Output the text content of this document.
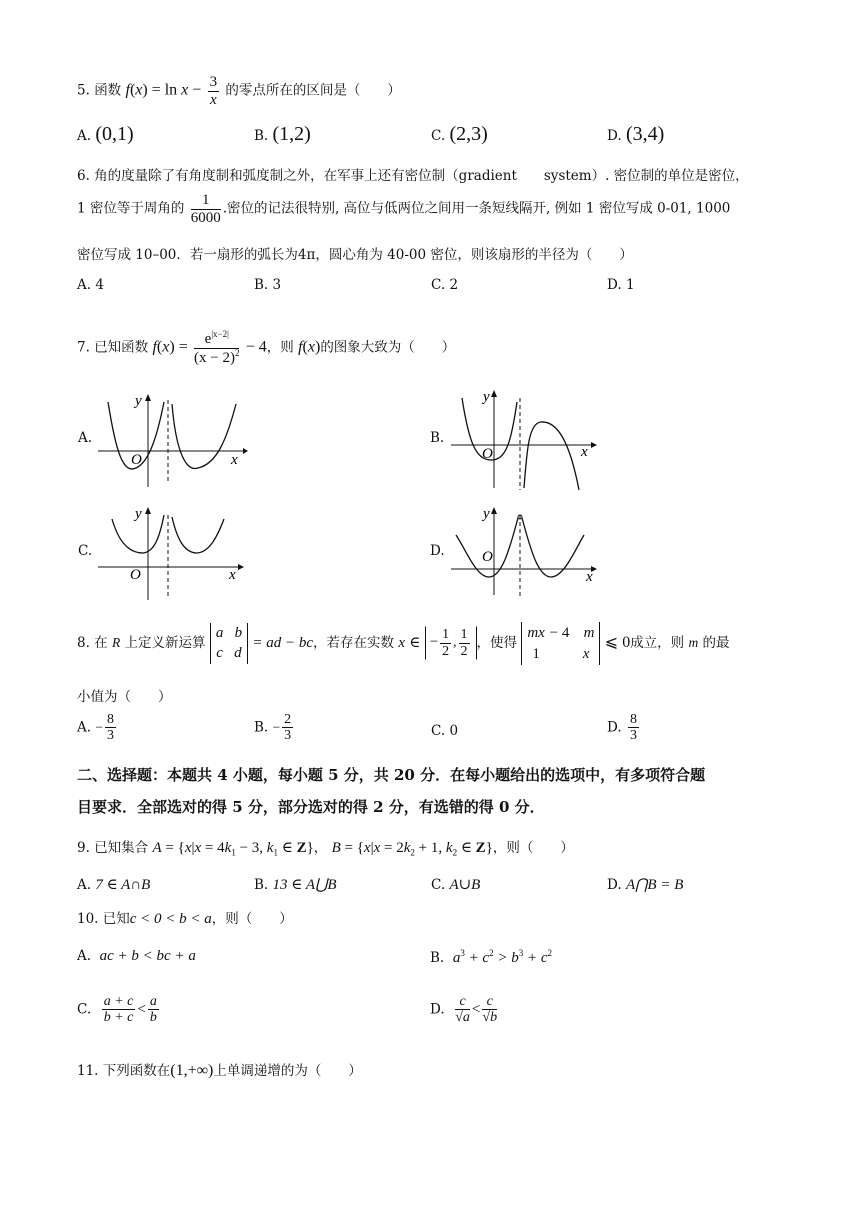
5. 函数 $f(x) = \ln x - \frac{3}{x}$ 的零点所在的区间是（　　）
A. (0,1)	B. (1,2)	C. (2,3)	D. (3,4)
6. 角的度量除了有角度制和弧度制之外，在军事上还有密位制（gradient　　system）. 密位制的单位是密位，
1 密位等于周角的 $\frac{1}{6000}$ .密位的记法很特别, 高位与低两位之间用一条短线隔开, 例如 1 密位写成 0-01, 1000
密位写成 10–00．若一扇形的弧长为4π，圆心角为 40-00 密位，则该扇形的半径为（　　）
A. 4	B. 3	C. 2	D. 1
7. 已知函数 $f(x) = \frac{e^{|x-2|}}{(x - 2)^2} - 4$，则 f(x)的图象大致为（　　）
A.	B.
C.	D.
y
x
O
y
x
O
y
x
O
y
x
O
8. 在 R 上定义新运算 a   b
c   d = ad − bc，若存在实数 x ∈ − $\frac{1}{2}$ , $\frac{1}{2}$ ，使得 mx − 4 m
1	x ⩽ 0成立，则 m 的最
小值为（　　）
A. − $\frac{8}{3}$	B. − $\frac{2}{3}$	C. 0	D. $\frac{8}{3}$
二、选择题：本题共 4 小题，每小题 5 分，共 20 分．在每小题给出的选项中，有多项符合题
目要求．全部选对的得 5 分，部分选对的得 2 分，有选错的得 0 分．
9. 已知集合 $A = \{x|x = 4k_1 - 3$, $k_1$ ∈ Z}， $B = \{x|x = 2k_2 + 1$, $k_2$ ∈ Z}，则（　　）
A. 7 ∈ A∩B	B. 13 ∈ A⋃B	C. A∪B	D. A⋂B = B
10. 已知c < 0 < b < a，则（　　）
A. ac + b < bc + a	B. $a^3 + c^2 > b^3 + c^2$
C. $\frac{a + c}{b + c} < \frac{a}{b}$	D. $\frac{c}{√a} < \frac{c}{√b}$
11. 下列函数在(1,+∞)上单调递增的为（　　）
